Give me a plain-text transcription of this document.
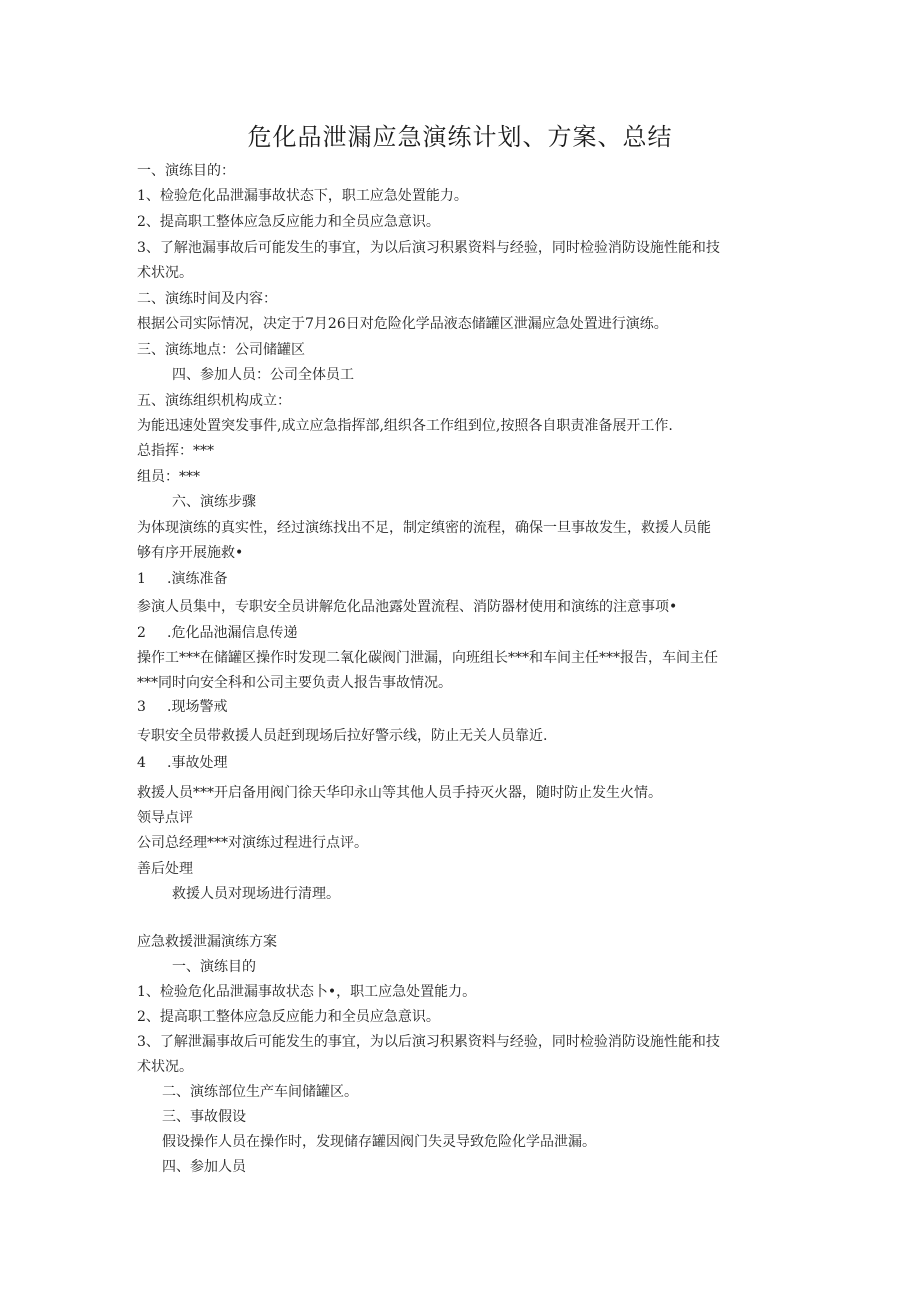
危化品泄漏应急演练计划、方案、总结
一、演练目的：
1、检验危化品泄漏事故状态下，职工应急处置能力。
2、提高职工整体应急反应能力和全员应急意识。
3、了解池漏事故后可能发生的事宜，为以后演习积累资料与经验，同时检验消防设施性能和技
术状况。
二、演练时间及内容：
根据公司实际情况，决定于7月26日对危险化学品液态储罐区泄漏应急处置进行演练。
三、演练地点：公司储罐区
四、参加人员：公司全体员工
五、演练组织机构成立：
为能迅速处置突发事件,成立应急指挥部,组织各工作组到位,按照各自职责准备展开工作.
总指挥：***
组员：***
六、演练步骤
为体现演练的真实性，经过演练找出不足，制定缜密的流程，确保一旦事故发生，救援人员能
够有序开展施救•
1 .演练准备
参演人员集中，专职安全员讲解危化品池露处置流程、消防器材使用和演练的注意事项•
2 .危化品池漏信息传递
操作工***在储罐区操作时发现二氧化碳阀门泄漏，向班组长***和车间主任***报告，车间主任
***同时向安全科和公司主要负责人报告事故情况。
3 .现场警戒
专职安全员带救援人员赶到现场后拉好警示线，防止无关人员靠近.
4 .事故处理
救援人员***开启备用阀门徐天华印永山等其他人员手持灭火器，随时防止发生火情。
领导点评
公司总经理***对演练过程进行点评。
善后处理
救援人员对现场进行清理。
应急救援泄漏演练方案
一、演练目的
1、检验危化品泄漏事故状态卜•，职工应急处置能力。
2、提高职工整体应急反应能力和全员应急意识。
3、了解泄漏事故后可能发生的事宜，为以后演习积累资料与经验，同时检验消防设施性能和技
术状况。
二、演练部位生产车间储罐区。
三、事故假设
假设操作人员在操作时，发现储存罐因阀门失灵导致危险化学品泄漏。
四、参加人员
